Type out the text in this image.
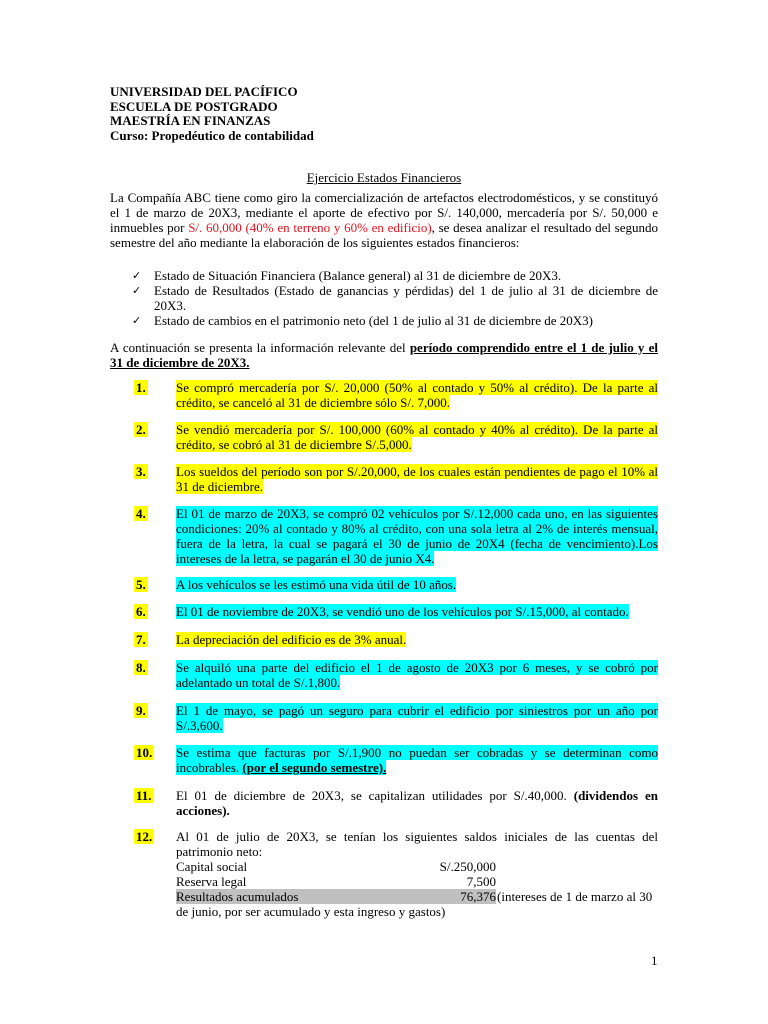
UNIVERSIDAD DEL PACÍFICO
ESCUELA DE POSTGRADO
MAESTRÍA EN FINANZAS
Curso: Propedéutico de contabilidad
Ejercicio Estados Financieros
La Compañía ABC tiene como giro la comercialización de artefactos electrodomésticos, y se constituyó el 1 de marzo de 20X3, mediante el aporte de efectivo por S/. 140,000, mercadería por S/. 50,000 e inmuebles por S/. 60,000 (40% en terreno y 60% en edificio), se desea analizar el resultado del segundo semestre del año mediante la elaboración de los siguientes estados financieros:
✓ Estado de Situación Financiera (Balance general) al 31 de diciembre de 20X3.
✓ Estado de Resultados (Estado de ganancias y pérdidas) del 1 de julio al 31 de diciembre de 20X3.
✓ Estado de cambios en el patrimonio neto (del 1 de julio al 31 de diciembre de 20X3)
A continuación se presenta la información relevante del período comprendido entre el 1 de julio y el 31 de diciembre de 20X3.
1. Se compró mercadería por S/. 20,000 (50% al contado y 50% al crédito). De la parte al crédito, se canceló al 31 de diciembre sólo S/. 7,000.
2. Se vendió mercadería por S/. 100,000 (60% al contado y 40% al crédito). De la parte al crédito, se cobró al 31 de diciembre S/.5,000.
3. Los sueldos del período son por S/.20,000, de los cuales están pendientes de pago el 10% al 31 de diciembre.
4. El 01 de marzo de 20X3, se compró 02 vehículos por S/.12,000 cada uno, en las siguientes condiciones: 20% al contado y 80% al crédito, con una sola letra al 2% de interés mensual, fuera de la letra, la cual se pagará el 30 de junio de 20X4 (fecha de vencimiento).Los intereses de la letra, se pagarán el 30 de junio X4.
5. A los vehículos se les estimó una vida útil de 10 años.
6. El 01 de noviembre de 20X3, se vendió uno de los vehículos por S/.15,000, al contado.
7. La depreciación del edificio es de 3% anual.
8. Se alquiló una parte del edificio el 1 de agosto de 20X3 por 6 meses, y se cobró por adelantado un total de S/.1,800.
9. El 1 de mayo, se pagó un seguro para cubrir el edificio por siniestros por un año por S/.3,600.
10. Se estima que facturas por S/.1,900 no puedan ser cobradas y se determinan como incobrables. (por el segundo semestre).
11. El 01 de diciembre de 20X3, se capitalizan utilidades por S/.40,000. (dividendos en acciones).
12. Al 01 de julio de 20X3, se tenían los siguientes saldos iniciales de las cuentas del patrimonio neto:
Capital social	S/.250,000
Reserva legal	7,500
Resultados acumulados	76,376 (intereses de 1 de marzo al 30
de junio, por ser acumulado y esta ingreso y gastos)
1
